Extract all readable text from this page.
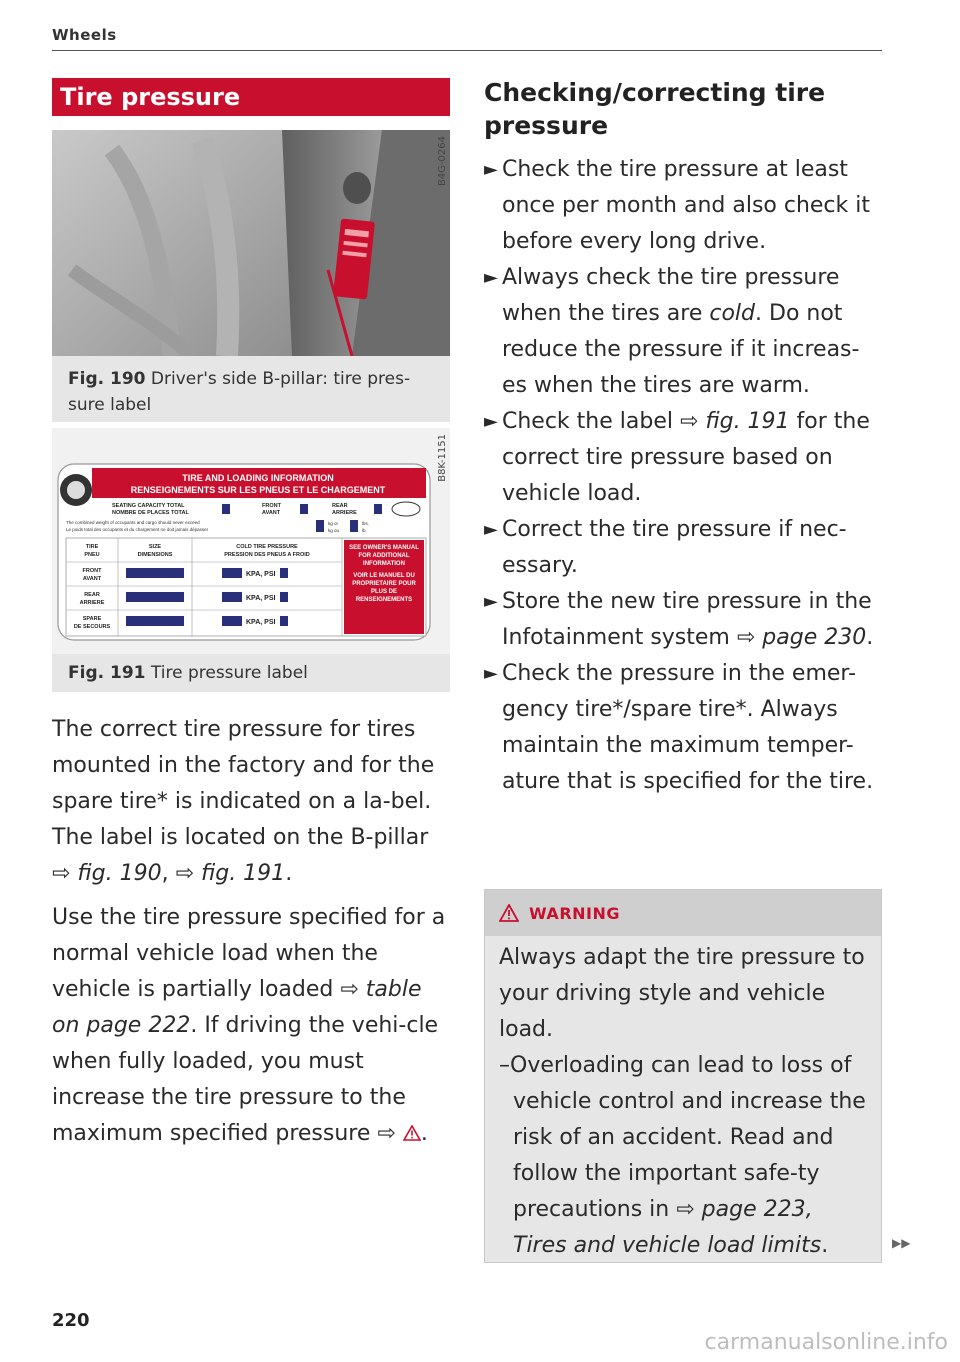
Wheels
Tire pressure
B4G-0264
Fig. 190 Driver's side B-pillar: tire pres-sure label
TIRE AND LOADING INFORMATION
RENSEIGNEMENTS SUR LES PNEUS ET LE CHARGEMENT
SEATING CAPACITY TOTAL
NOMBRE DE PLACES TOTAL
FRONT
AVANT
REAR
ARRIERE
The combined weight of occupants and cargo should never exceed
Le poids total des occupants et du chargement ne doit jamais dépasser
kg or
kg ou
lbs.
lb.
TIRE
PNEU
SIZE
DIMENSIONS
COLD TIRE PRESSURE
PRESSION DES PNEUS A FROID
FRONT
AVANT
REAR
ARRIERE
SPARE
DE SECOURS
KPA, PSI
KPA, PSI
KPA, PSI
SEE OWNER'S MANUAL FOR ADDITIONAL INFORMATION
VOIR LE MANUEL DU PROPRIETAIRE POUR PLUS DE RENSEIGNEMENTS
B8K-1151
Fig. 191 Tire pressure label

The correct tire pressure for tires mounted in the factory and for the spare tire* is indicated on a la-bel. The label is located on the B-pillar ⇨ fig. 190, ⇨ fig. 191.

Use the tire pressure specified for a normal vehicle load when the vehicle is partially loaded ⇨ table on page 222. If driving the vehi-cle when fully loaded, you must increase the tire pressure to the maximum specified pressure ⇨ .

Checking/correcting tire pressure
► Check the tire pressure at least once per month and also check it before every long drive.
► Always check the tire pressure when the tires are cold. Do not reduce the pressure if it increas-es when the tires are warm.
► Check the label ⇨ fig. 191 for the correct tire pressure based on vehicle load.
► Correct the tire pressure if nec-essary.
► Store the new tire pressure in the Infotainment system ⇨ page 230.
► Check the pressure in the emer-gency tire*/spare tire*. Always maintain the maximum temper-ature that is specified for the tire.
WARNING
Always adapt the tire pressure to your driving style and vehicle load.
–Overloading can lead to loss of vehicle control and increase the risk of an accident. Read and follow the important safe-ty precautions in ⇨ page 223, Tires and vehicle load limits.	▶▶
220
carmanualsonline.info
